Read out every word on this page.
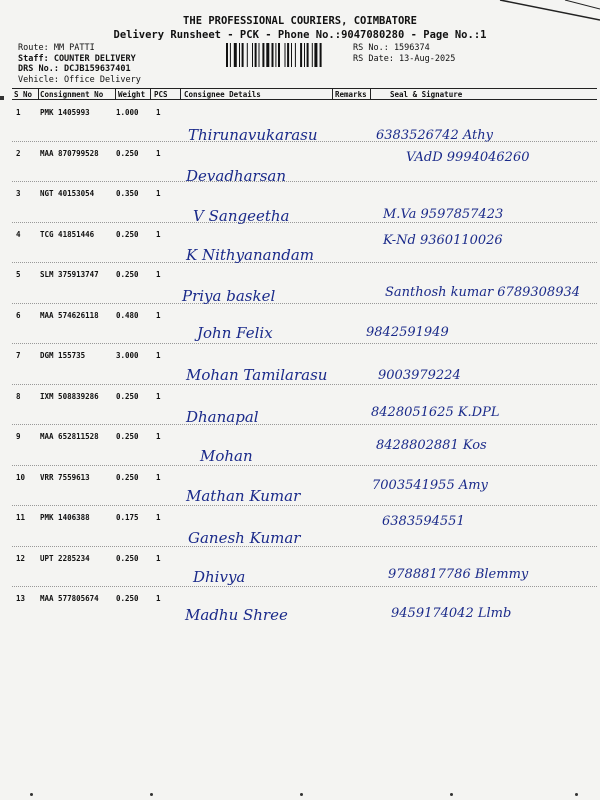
THE PROFESSIONAL COURIERS, COIMBATORE
Delivery Runsheet - PCK - Phone No.:9047080280 - Page No.:1
Route: MM PATTI
Staff: COUNTER DELIVERY
DRS No.: DCJB159637401
Vehicle: Office Delivery
RS No.: 1596374
RS Date: 13-Aug-2025
S No Consignment No Weight PCS Consignee Details	Remarks	Seal & Signature
1	PMK 1405993	1.000 1
Thirunavukarasu	6383526742 Athy
2	MAA 870799528 0.250 1
Devadharsan
VAdD 9994046260
3	NGT 40153054	0.350 1
V Sangeetha	M.Va 9597857423
4	TCG 41851446	0.250 1
K Nithyanandam
K-Nd 9360110026
5	SLM 375913747 0.250 1
Priya baskel	Santhosh kumar 6789308934
6	MAA 574626118 0.480 1
John Felix	9842591949
7	DGM 155735	3.000 1
Mohan Tamilarasu	9003979224
8	IXM 508839286 0.250 1
Dhanapal	8428051625 K.DPL
9	MAA 652811528 0.250 1
Mohan
8428802881 Kos
10 VRR 7559613	0.250 1
Mathan Kumar
7003541955 Amy
11 PMK 1406388	0.175 1
Ganesh Kumar
6383594551
12 UPT 2285234	0.250 1
Dhivya	9788817786 Blemmy
13 MAA 577805674 0.250 1
Madhu Shree	9459174042 Llmb
